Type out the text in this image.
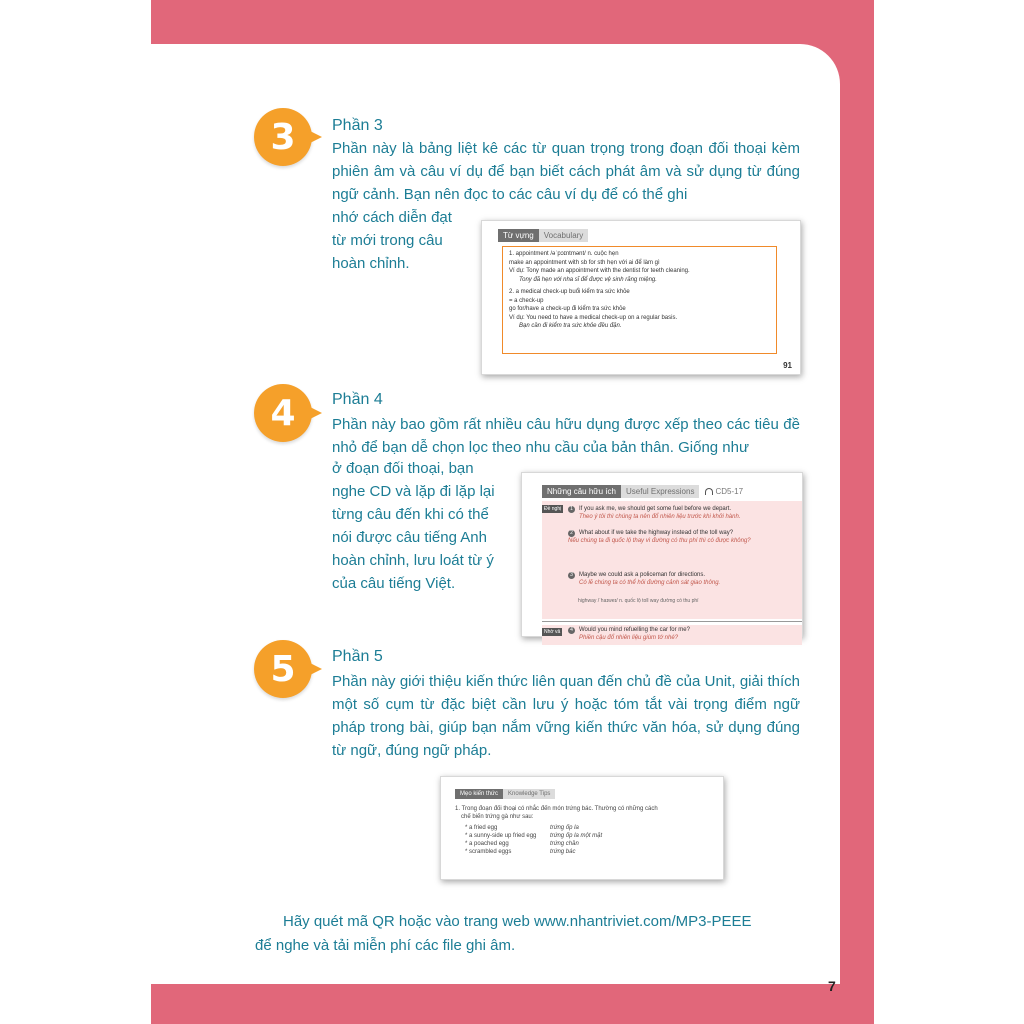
3 Phần 3
Phần này là bảng liệt kê các từ quan trọng trong đoạn đối thoại kèm phiên âm và câu ví dụ để bạn biết cách phát âm và sử dụng từ đúng ngữ cảnh. Bạn nên đọc to các câu ví dụ để có thể ghi
nhớ cách diễn đạt
từ mới trong câu
hoàn chỉnh.
Từ vựng	Vocabulary
1. appointment /əˈpɔɪntmənt/ n. cuộc hẹn
make an appointment with sb for sth hẹn với ai để làm gì
Ví dụ: Tony made an appointment with the dentist for teeth cleaning.
Tony đã hẹn với nha sĩ để được vệ sinh răng miệng.
2. a medical check-up buổi kiểm tra sức khỏe
= a check-up
go for/have a check-up đi kiểm tra sức khỏe
Ví dụ: You need to have a medical check-up on a regular basis.
Bạn cần đi kiểm tra sức khỏe đều đặn.
91
4 Phần 4
Phần này bao gồm rất nhiều câu hữu dụng được xếp theo các tiêu đề nhỏ để bạn dễ chọn lọc theo nhu cầu của bản thân. Giống như
ở đoạn đối thoại, bạn
nghe CD và lặp đi lặp lại
từng câu đến khi có thể
nói được câu tiếng Anh
hoàn chỉnh, lưu loát từ ý
của câu tiếng Việt.
Những câu hữu ích	Useful Expressions	CD5-17
Đề nghị	1 If you ask me, we should get some fuel before we depart.
Theo ý tôi thì chúng ta nên đổ nhiên liệu trước khi khởi hành.
2 What about if we take the highway instead of the toll way?
Nếu chúng ta đi quốc lộ thay vì đường có thu phí thì có được không?
3 Maybe we could ask a policeman for directions.
Có lẽ chúng ta có thể hỏi đường cảnh sát giao thông.
highway /ˈhaɪweɪ/ n. quốc lộ toll way đường có thu phí
Nhờ vả	4 Would you mind refuelling the car for me?
Phiền cậu đổ nhiên liệu giùm tớ nhé?
5 Phần 5
Phần này giới thiệu kiến thức liên quan đến chủ đề của Unit, giải thích một số cụm từ đặc biệt cần lưu ý hoặc tóm tắt vài trọng điểm ngữ pháp trong bài, giúp bạn nắm vững kiến thức văn hóa, sử dụng đúng từ ngữ, đúng ngữ pháp.
Mẹo kiến thức	Knowledge Tips
1. Trong đoạn đối thoại có nhắc đến món trứng bác. Thường có những cách
chế biến trứng gà như sau:
* a fried egg	trứng ốp la
* a sunny-side up fried egg	trứng ốp la một mặt
* a poached egg	trứng chần
* scrambled eggs	trứng bác
Hãy quét mã QR hoặc vào trang web www.nhantriviet.com/MP3-PEEE
để nghe và tải miễn phí các file ghi âm.
7
